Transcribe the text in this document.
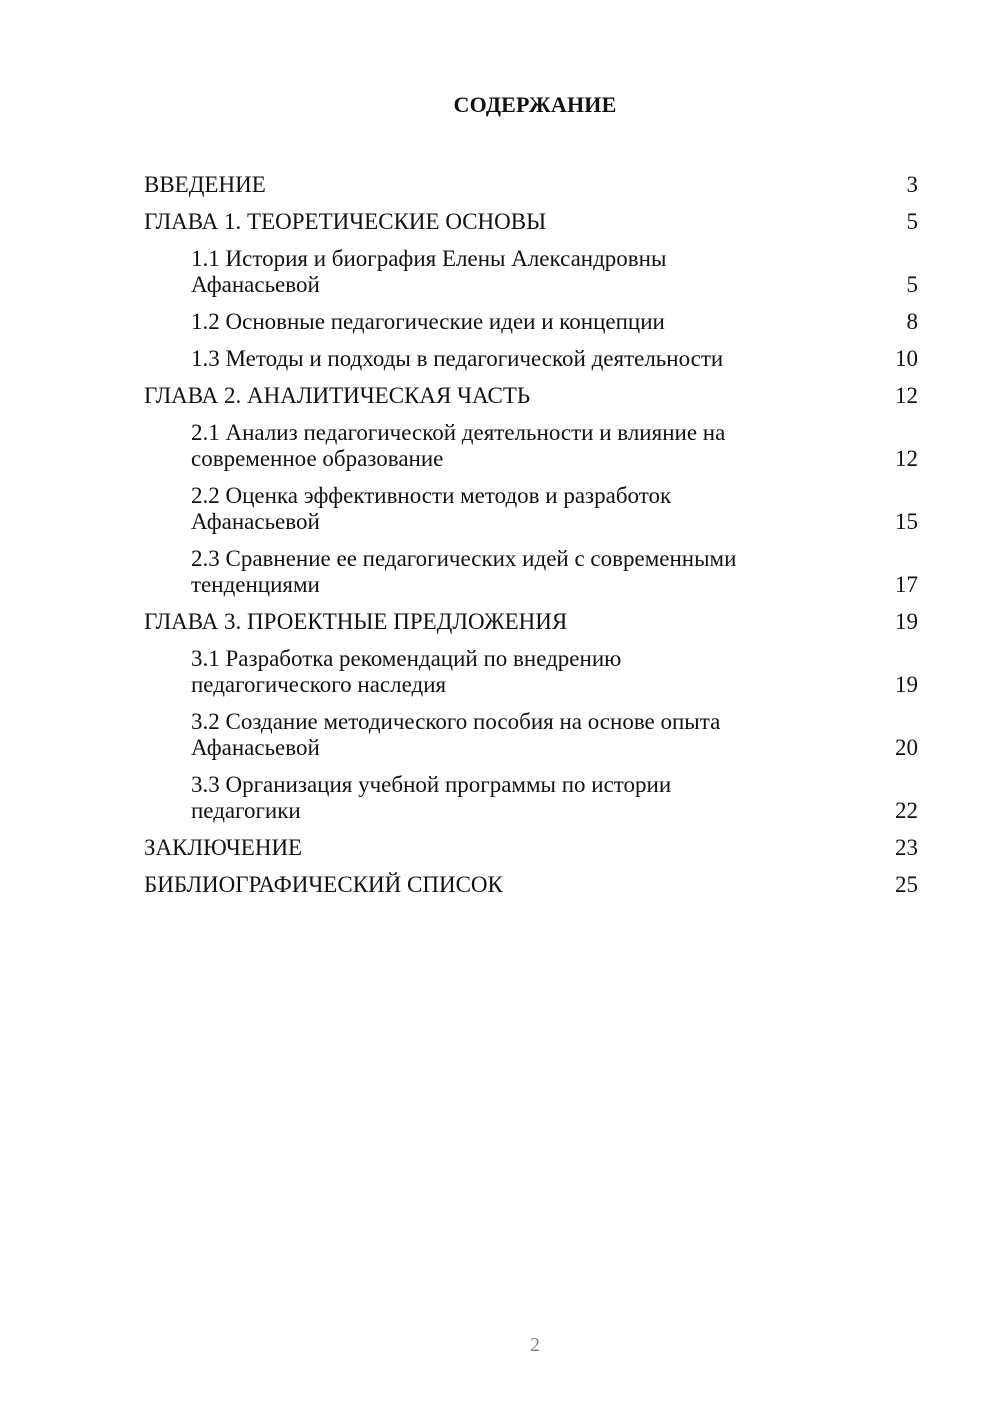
СОДЕРЖАНИЕ
ВВЕДЕНИЕ	3
ГЛАВА 1. ТЕОРЕТИЧЕСКИЕ ОСНОВЫ	5
1.1 История и биография Елены Александровны Афанасьевой	5
1.2 Основные педагогические идеи и концепции	8
1.3 Методы и подходы в педагогической деятельности	10
ГЛАВА 2. АНАЛИТИЧЕСКАЯ ЧАСТЬ	12
2.1 Анализ педагогической деятельности и влияние на современное образование	12
2.2 Оценка эффективности методов и разработок Афанасьевой	15
2.3 Сравнение ее педагогических идей с современными тенденциями	17
ГЛАВА 3. ПРОЕКТНЫЕ ПРЕДЛОЖЕНИЯ	19
3.1 Разработка рекомендаций по внедрению педагогического наследия	19
3.2 Создание методического пособия на основе опыта Афанасьевой	20
3.3 Организация учебной программы по истории педагогики	22
ЗАКЛЮЧЕНИЕ	23
БИБЛИОГРАФИЧЕСКИЙ СПИСОК	25
2
